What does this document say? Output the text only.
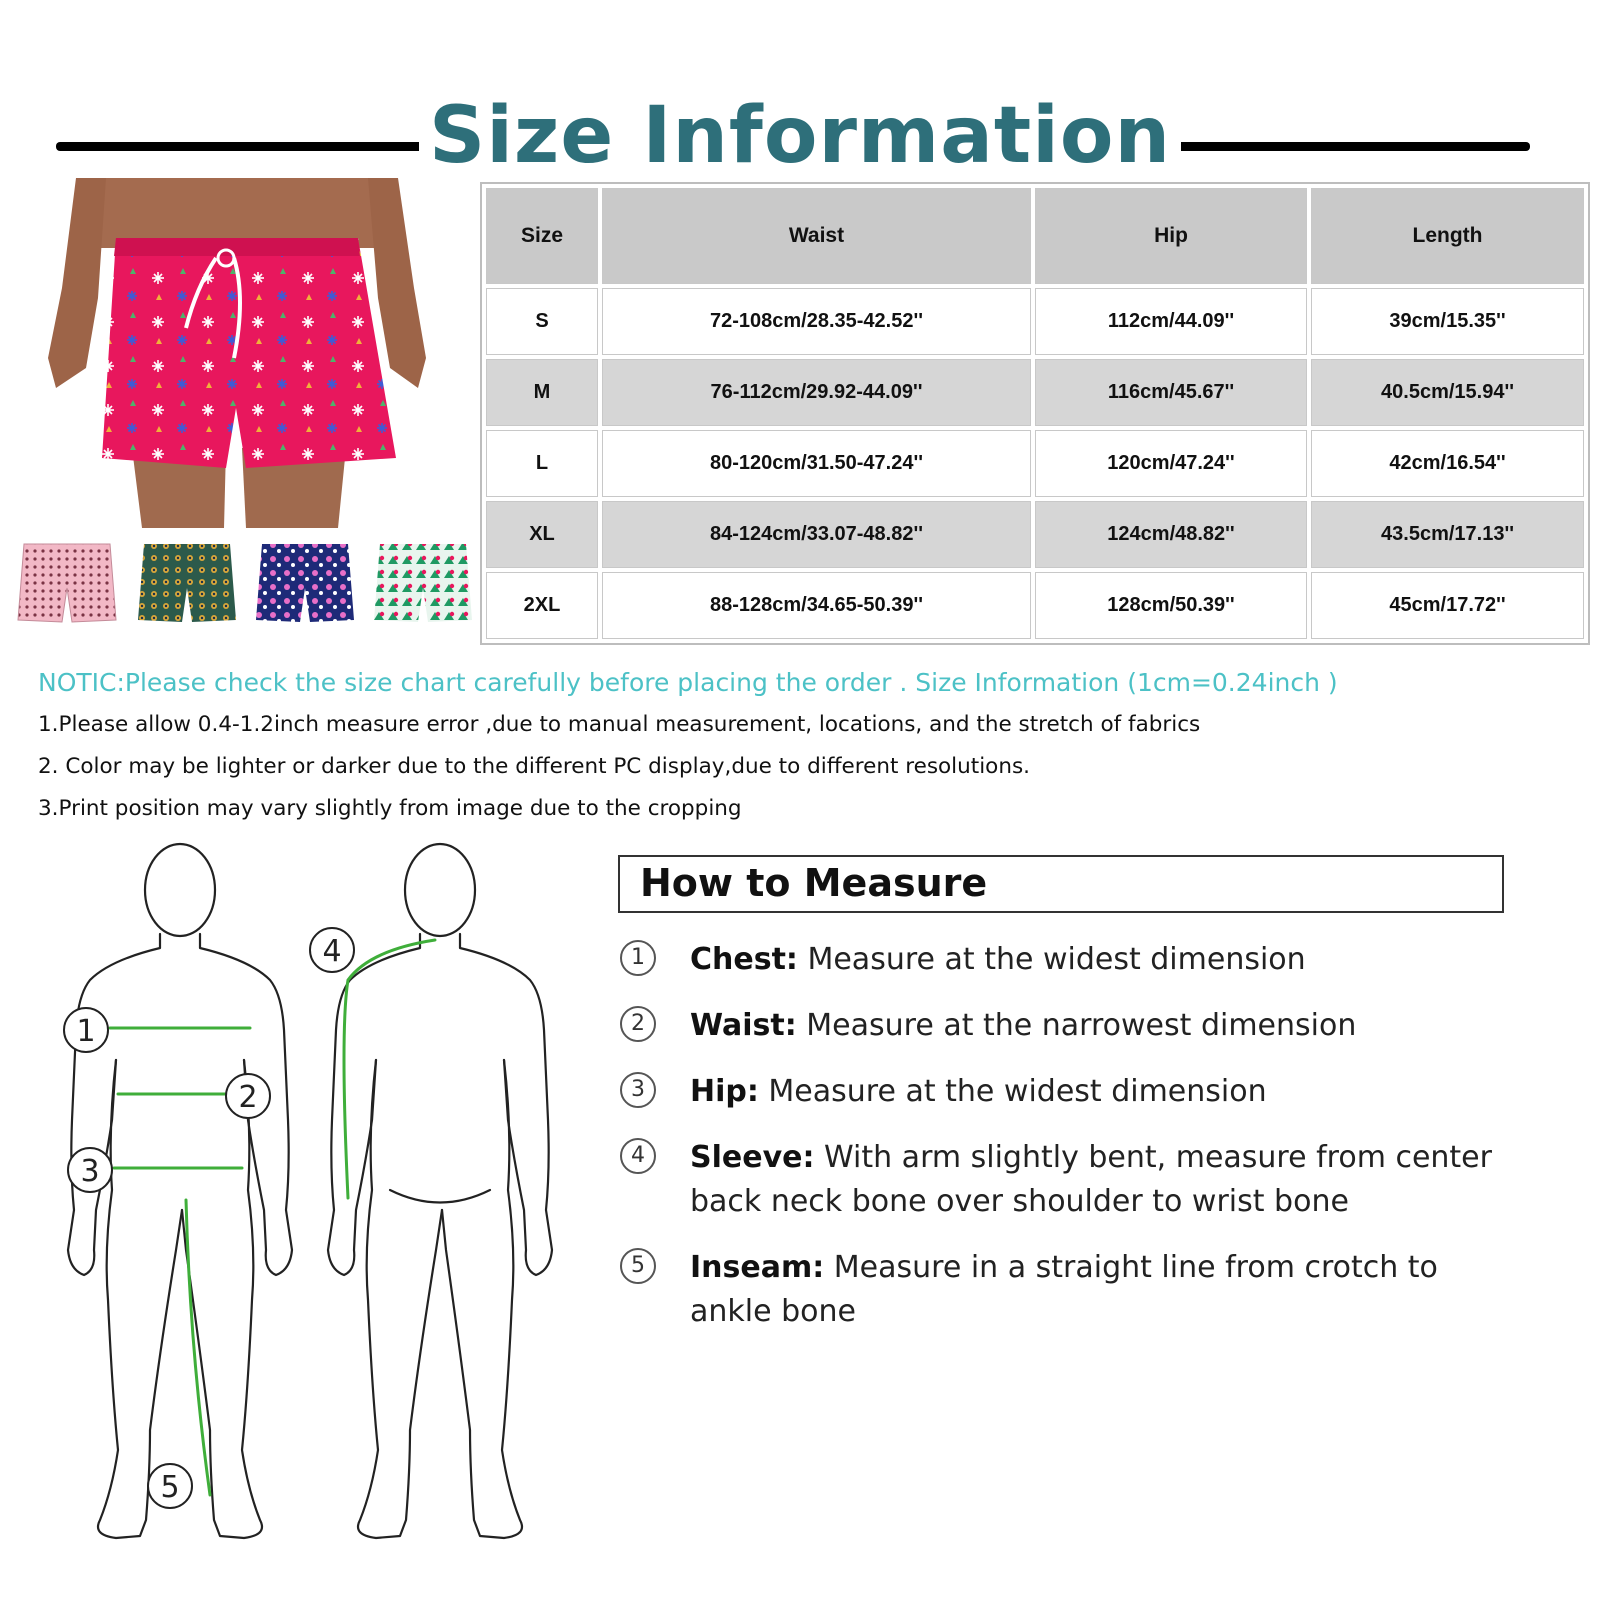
Size Information
Size	Waist	Hip	Length
S	72-108cm/28.35-42.52''	112cm/44.09''	39cm/15.35''
M	76-112cm/29.92-44.09''	116cm/45.67''	40.5cm/15.94''
L	80-120cm/31.50-47.24''	120cm/47.24''	42cm/16.54''
XL	84-124cm/33.07-48.82''	124cm/48.82''	43.5cm/17.13''
2XL	88-128cm/34.65-50.39''	128cm/50.39''	45cm/17.72''
NOTIC:Please check the size chart carefully before placing the order . Size Information (1cm=0.24inch )
1.Please allow 0.4-1.2inch measure error ,due to manual measurement, locations, and the stretch of fabrics
2. Color may be lighter or darker due to the different PC display,due to different resolutions.
3.Print position may vary slightly from image due to the cropping
1
2
3
4
5
How to Measure
1	Chest: Measure at the widest dimension
2	Waist: Measure at the narrowest dimension
3	Hip: Measure at the widest dimension
4	Sleeve: With arm slightly bent, measure from center back neck bone over shoulder to wrist bone
5	Inseam: Measure in a straight line from crotch to ankle bone
